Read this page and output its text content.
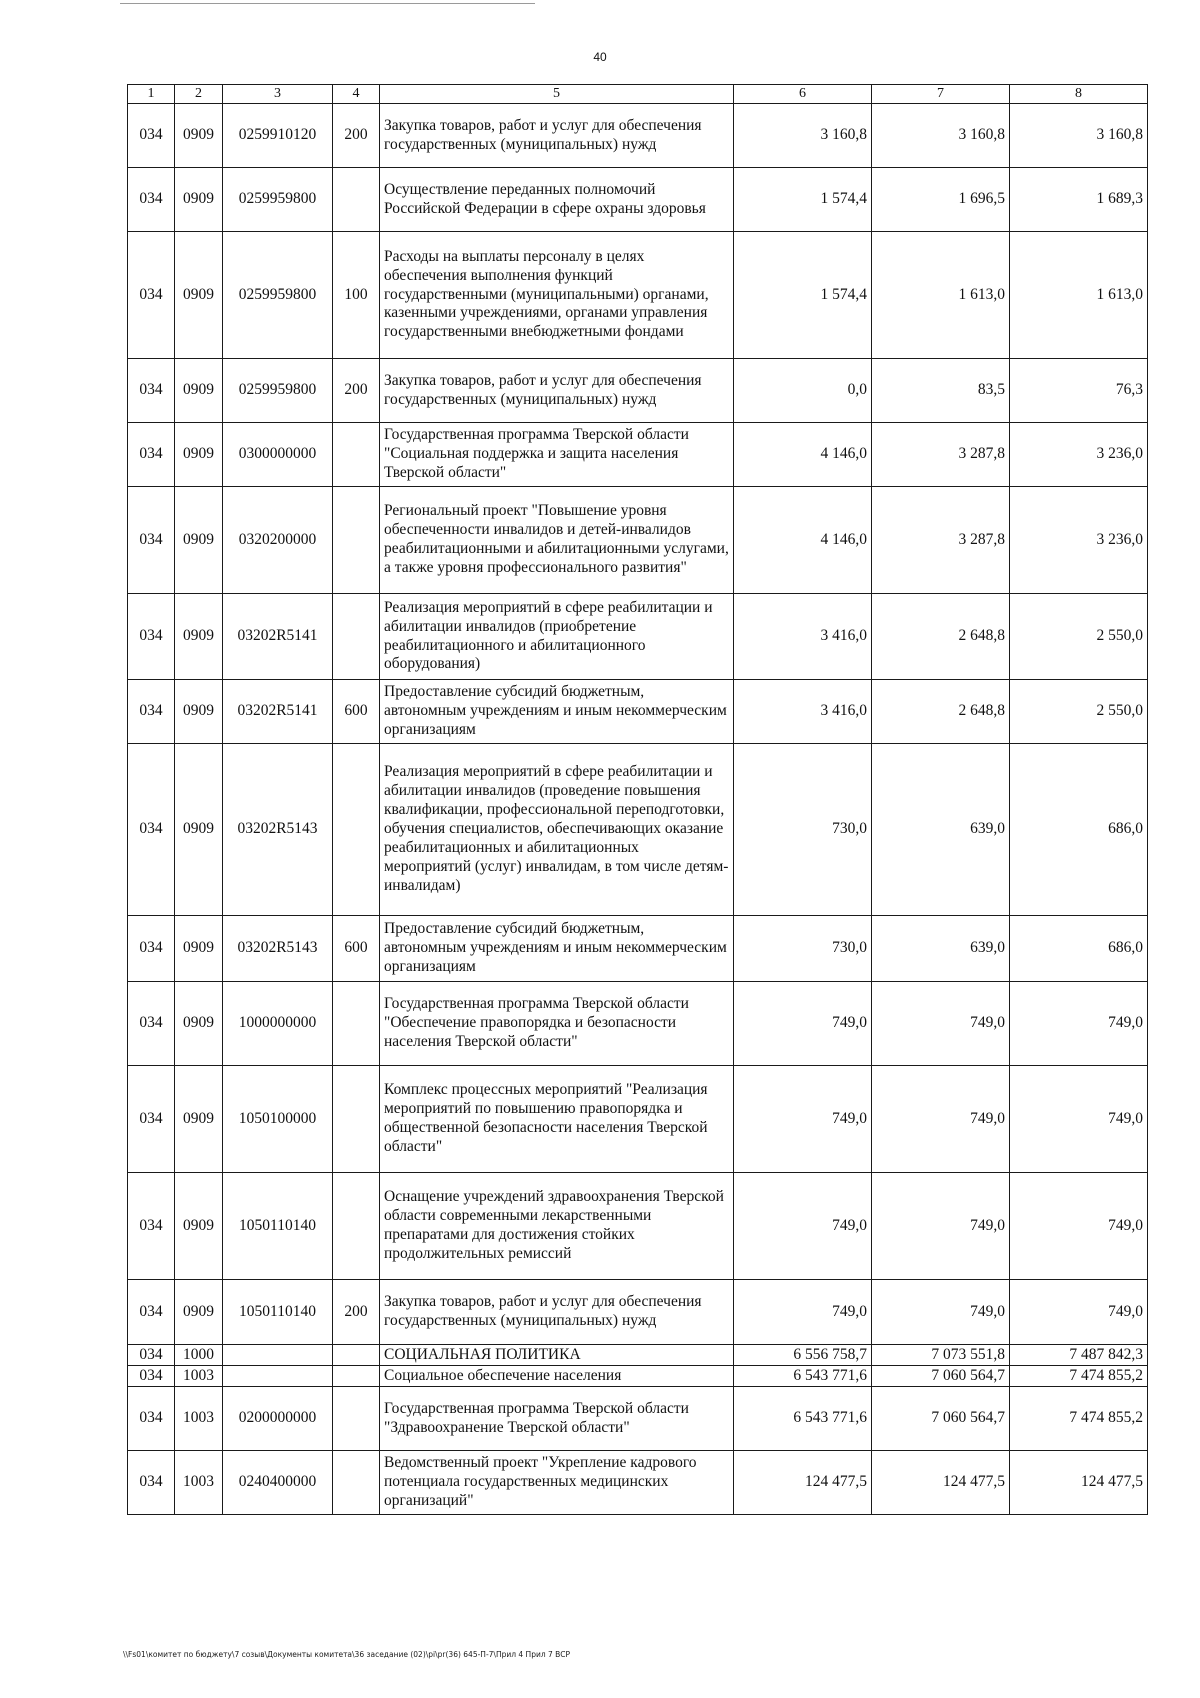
40
1	2	3	4	5	6	7	8
034	0909	0259910120	200	Закупка товаров, работ и услуг для обеспечения государственных (муниципальных) нужд	3 160,8	3 160,8	3 160,8
034	0909	0259959800		Осуществление переданных полномочий Российской Федерации в сфере охраны здоровья	1 574,4	1 696,5	1 689,3
034	0909	0259959800	100	Расходы на выплаты персоналу в целях обеспечения выполнения функций государственными (муниципальными) органами, казенными учреждениями, органами управления государственными внебюджетными фондами	1 574,4	1 613,0	1 613,0
034	0909	0259959800	200	Закупка товаров, работ и услуг для обеспечения государственных (муниципальных) нужд	0,0	83,5	76,3
034	0909	0300000000		Государственная программа Тверской области "Социальная поддержка и защита населения Тверской области"	4 146,0	3 287,8	3 236,0
034	0909	0320200000		Региональный проект "Повышение уровня обеспеченности инвалидов и детей-инвалидов реабилитационными и абилитационными услугами, а также уровня профессионального развития"	4 146,0	3 287,8	3 236,0
034	0909	03202R5141		Реализация мероприятий в сфере реабилитации и абилитации инвалидов (приобретение реабилитационного и абилитационного оборудования)	3 416,0	2 648,8	2 550,0
034	0909	03202R5141	600	Предоставление субсидий бюджетным, автономным учреждениям и иным некоммерческим организациям	3 416,0	2 648,8	2 550,0
034	0909	03202R5143		Реализация мероприятий в сфере реабилитации и абилитации инвалидов (проведение повышения квалификации, профессиональной переподготовки, обучения специалистов, обеспечивающих оказание реабилитационных и абилитационных мероприятий (услуг) инвалидам, в том числе детям-инвалидам)	730,0	639,0	686,0
034	0909	03202R5143	600	Предоставление субсидий бюджетным, автономным учреждениям и иным некоммерческим организациям	730,0	639,0	686,0
034	0909	1000000000		Государственная программа Тверской области "Обеспечение правопорядка и безопасности населения Тверской области"	749,0	749,0	749,0
034	0909	1050100000		Комплекс процессных мероприятий "Реализация мероприятий по повышению правопорядка и общественной безопасности населения Тверской области"	749,0	749,0	749,0
034	0909	1050110140		Оснащение учреждений здравоохранения Тверской области современными лекарственными препаратами для достижения стойких продолжительных ремиссий	749,0	749,0	749,0
034	0909	1050110140	200	Закупка товаров, работ и услуг для обеспечения государственных (муниципальных) нужд	749,0	749,0	749,0
034	1000			СОЦИАЛЬНАЯ ПОЛИТИКА	6 556 758,7	7 073 551,8	7 487 842,3
034	1003			Социальное обеспечение населения	6 543 771,6	7 060 564,7	7 474 855,2
034	1003	0200000000		Государственная программа Тверской области "Здравоохранение Тверской области"	6 543 771,6	7 060 564,7	7 474 855,2
034	1003	0240400000		Ведомственный проект "Укрепление кадрового потенциала государственных медицинских организаций"	124 477,5	124 477,5	124 477,5
\\Fs01\комитет по бюджету\7 созыв\Документы комитета\36 заседание (02)\pi\pr(36) 645-П-7\Прил 4 Прил 7 ВСР
